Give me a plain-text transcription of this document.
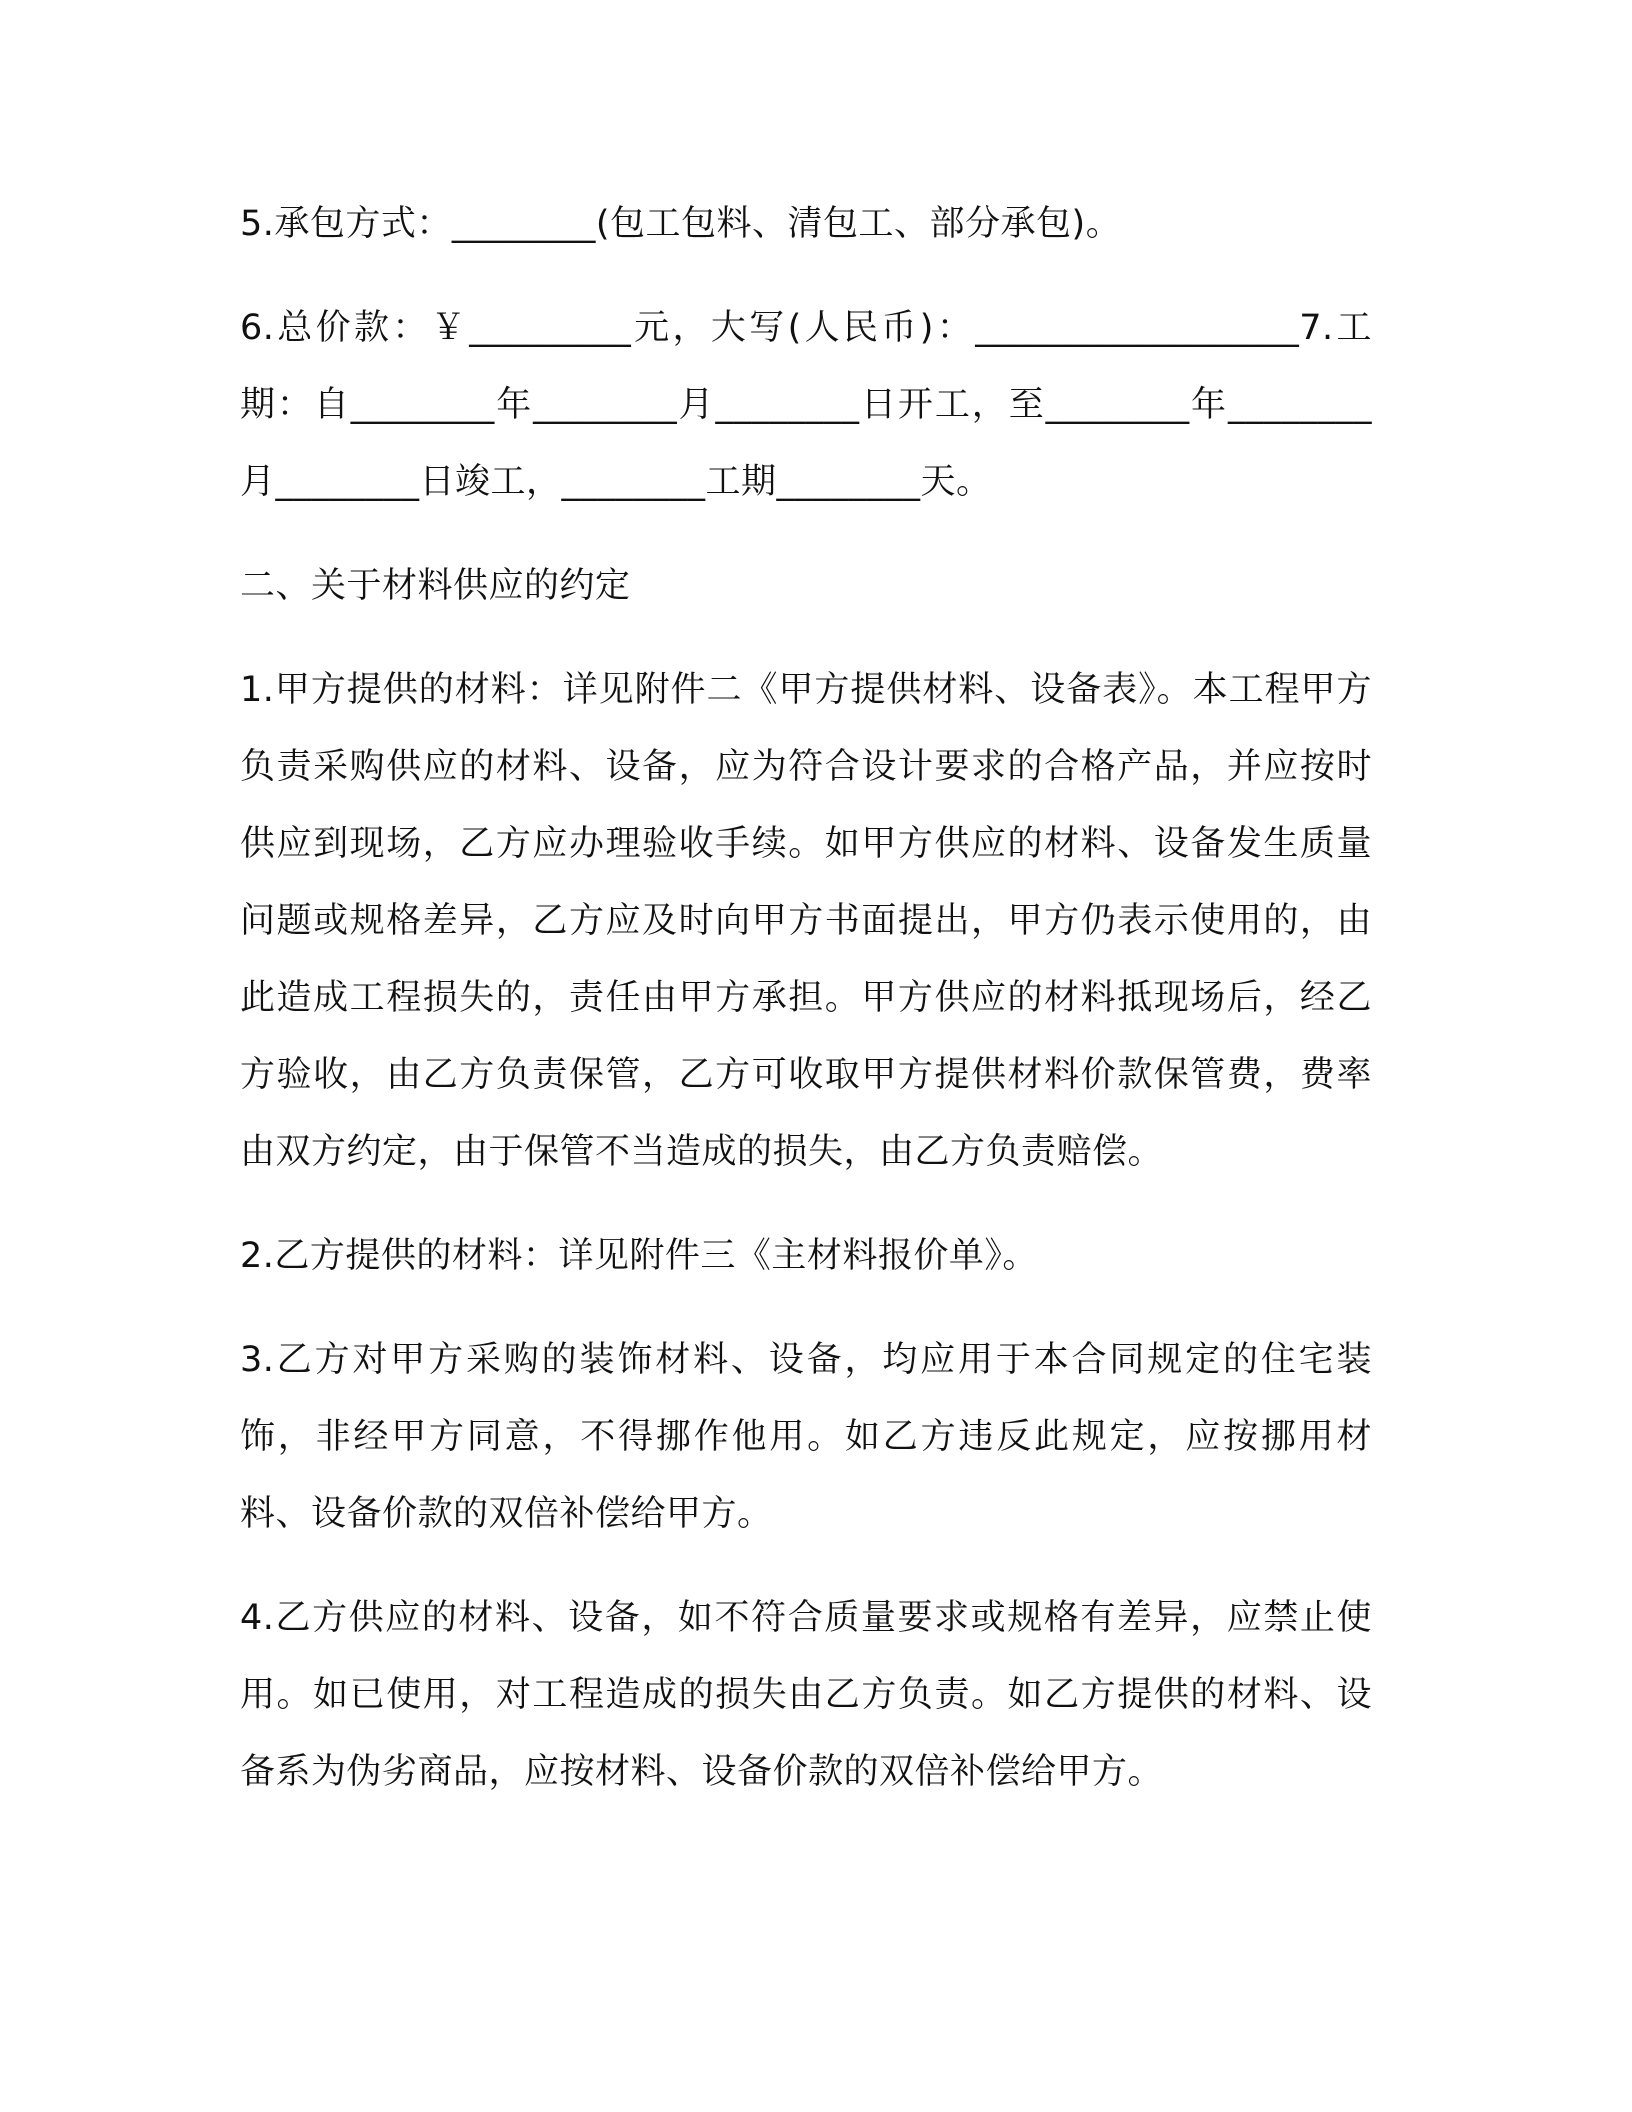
5.承包方式：________(包工包料、清包工、部分承包)。

6.总价款：￥_________元，大写(人民币)：__________________7.工期：自________年________月________日开工，至________年________月________日竣工，________工期________天。

二、关于材料供应的约定

1.甲方提供的材料：详见附件二《甲方提供材料、设备表》。本工程甲方负责采购供应的材料、设备，应为符合设计要求的合格产品，并应按时供应到现场，乙方应办理验收手续。如甲方供应的材料、设备发生质量问题或规格差异，乙方应及时向甲方书面提出，甲方仍表示使用的，由此造成工程损失的，责任由甲方承担。甲方供应的材料抵现场后，经乙方验收，由乙方负责保管，乙方可收取甲方提供材料价款保管费，费率由双方约定，由于保管不当造成的损失，由乙方负责赔偿。

2.乙方提供的材料：详见附件三《主材料报价单》。

3.乙方对甲方采购的装饰材料、设备，均应用于本合同规定的住宅装饰，非经甲方同意，不得挪作他用。如乙方违反此规定，应按挪用材料、设备价款的双倍补偿给甲方。

4.乙方供应的材料、设备，如不符合质量要求或规格有差异，应禁止使用。如已使用，对工程造成的损失由乙方负责。如乙方提供的材料、设备系为伪劣商品，应按材料、设备价款的双倍补偿给甲方。
